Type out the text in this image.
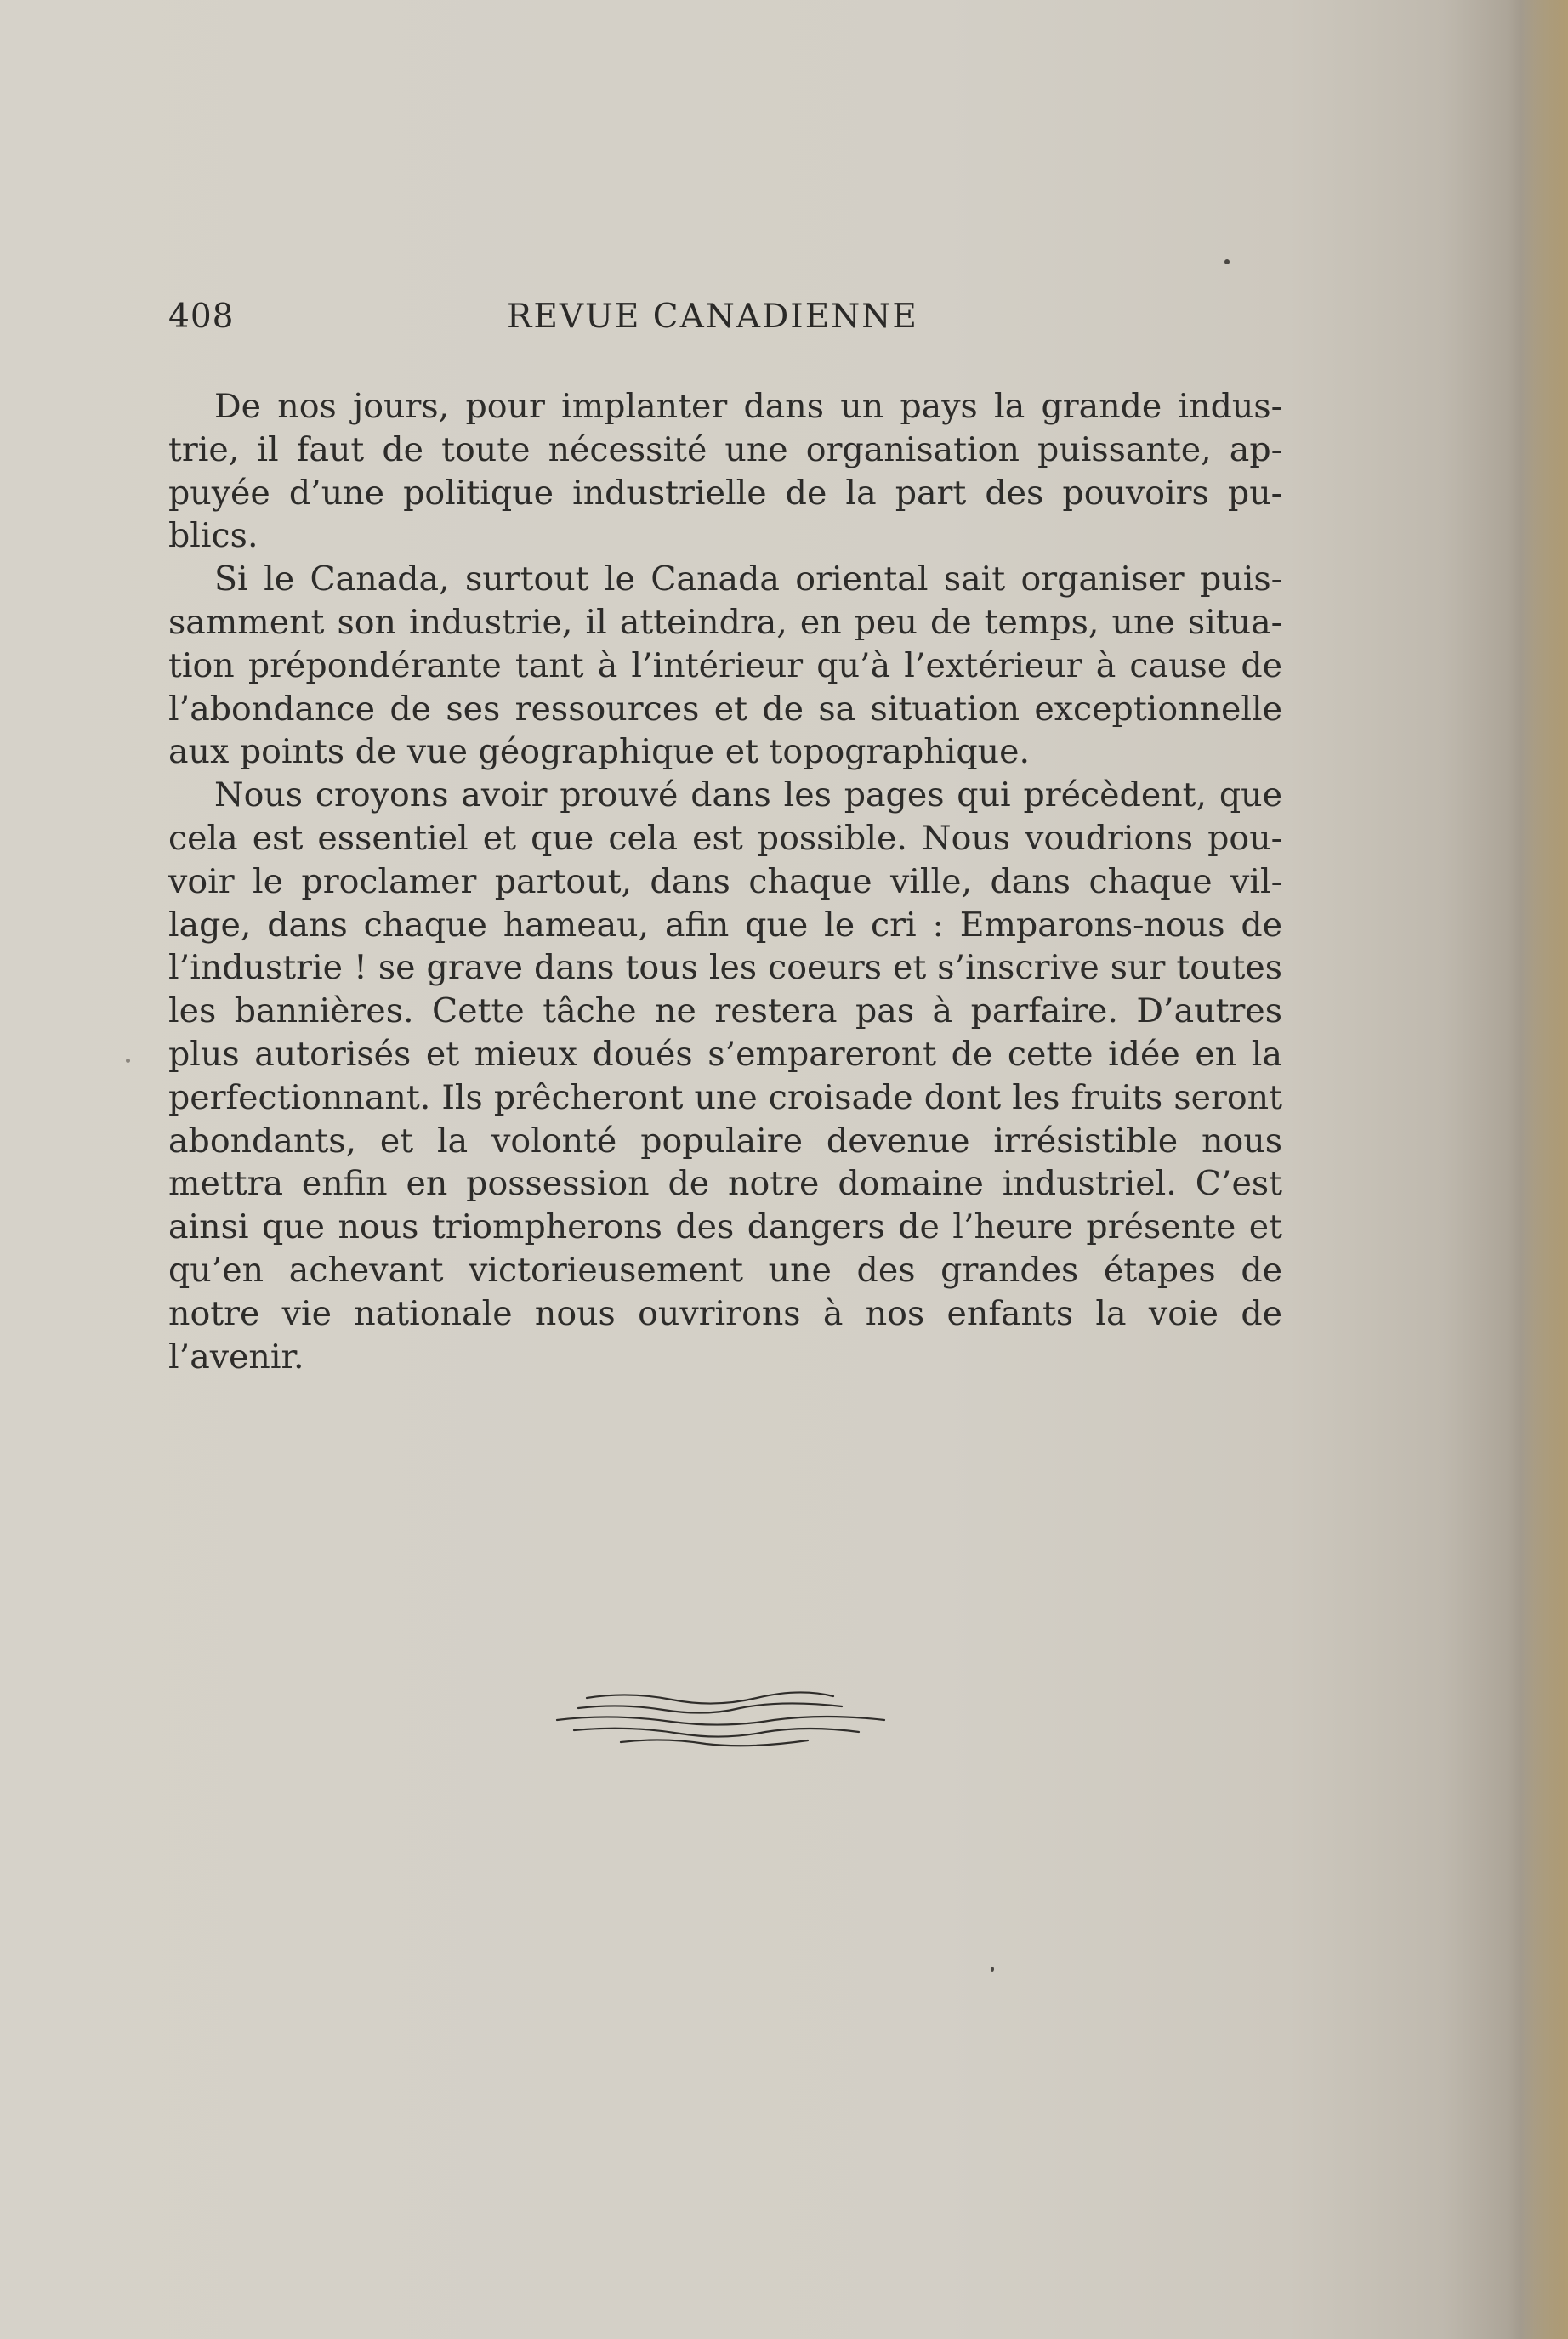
408	REVUE CANADIENNE

De nos jours, pour implanter dans un pays la grande industrie, il faut de toute nécessité une organisation puissante, appuyée d’une politique industrielle de la part des pouvoirs publics.

Si le Canada, surtout le Canada oriental sait organiser puissamment son industrie, il atteindra, en peu de temps, une situation prépondérante tant à l’intérieur qu’à l’extérieur à cause de l’abondance de ses ressources et de sa situation exceptionnelle aux points de vue géographique et topographique.

Nous croyons avoir prouvé dans les pages qui précèdent, que cela est essentiel et que cela est possible. Nous voudrions pouvoir le proclamer partout, dans chaque ville, dans chaque village, dans chaque hameau, afin que le cri : Emparons-nous de l’industrie ! se grave dans tous les coeurs et s’inscrive sur toutes les bannières. Cette tâche ne restera pas à parfaire. D’autres plus autorisés et mieux doués s’empareront de cette idée en la perfectionnant. Ils prêcheront une croisade dont les fruits seront abondants, et la volonté populaire devenue irrésistible nous mettra enfin en possession de notre domaine industriel. C’est ainsi que nous triompherons des dangers de l’heure présente et qu’en achevant victorieusement une des grandes étapes de notre vie nationale nous ouvrirons à nos enfants la voie de l’avenir.
